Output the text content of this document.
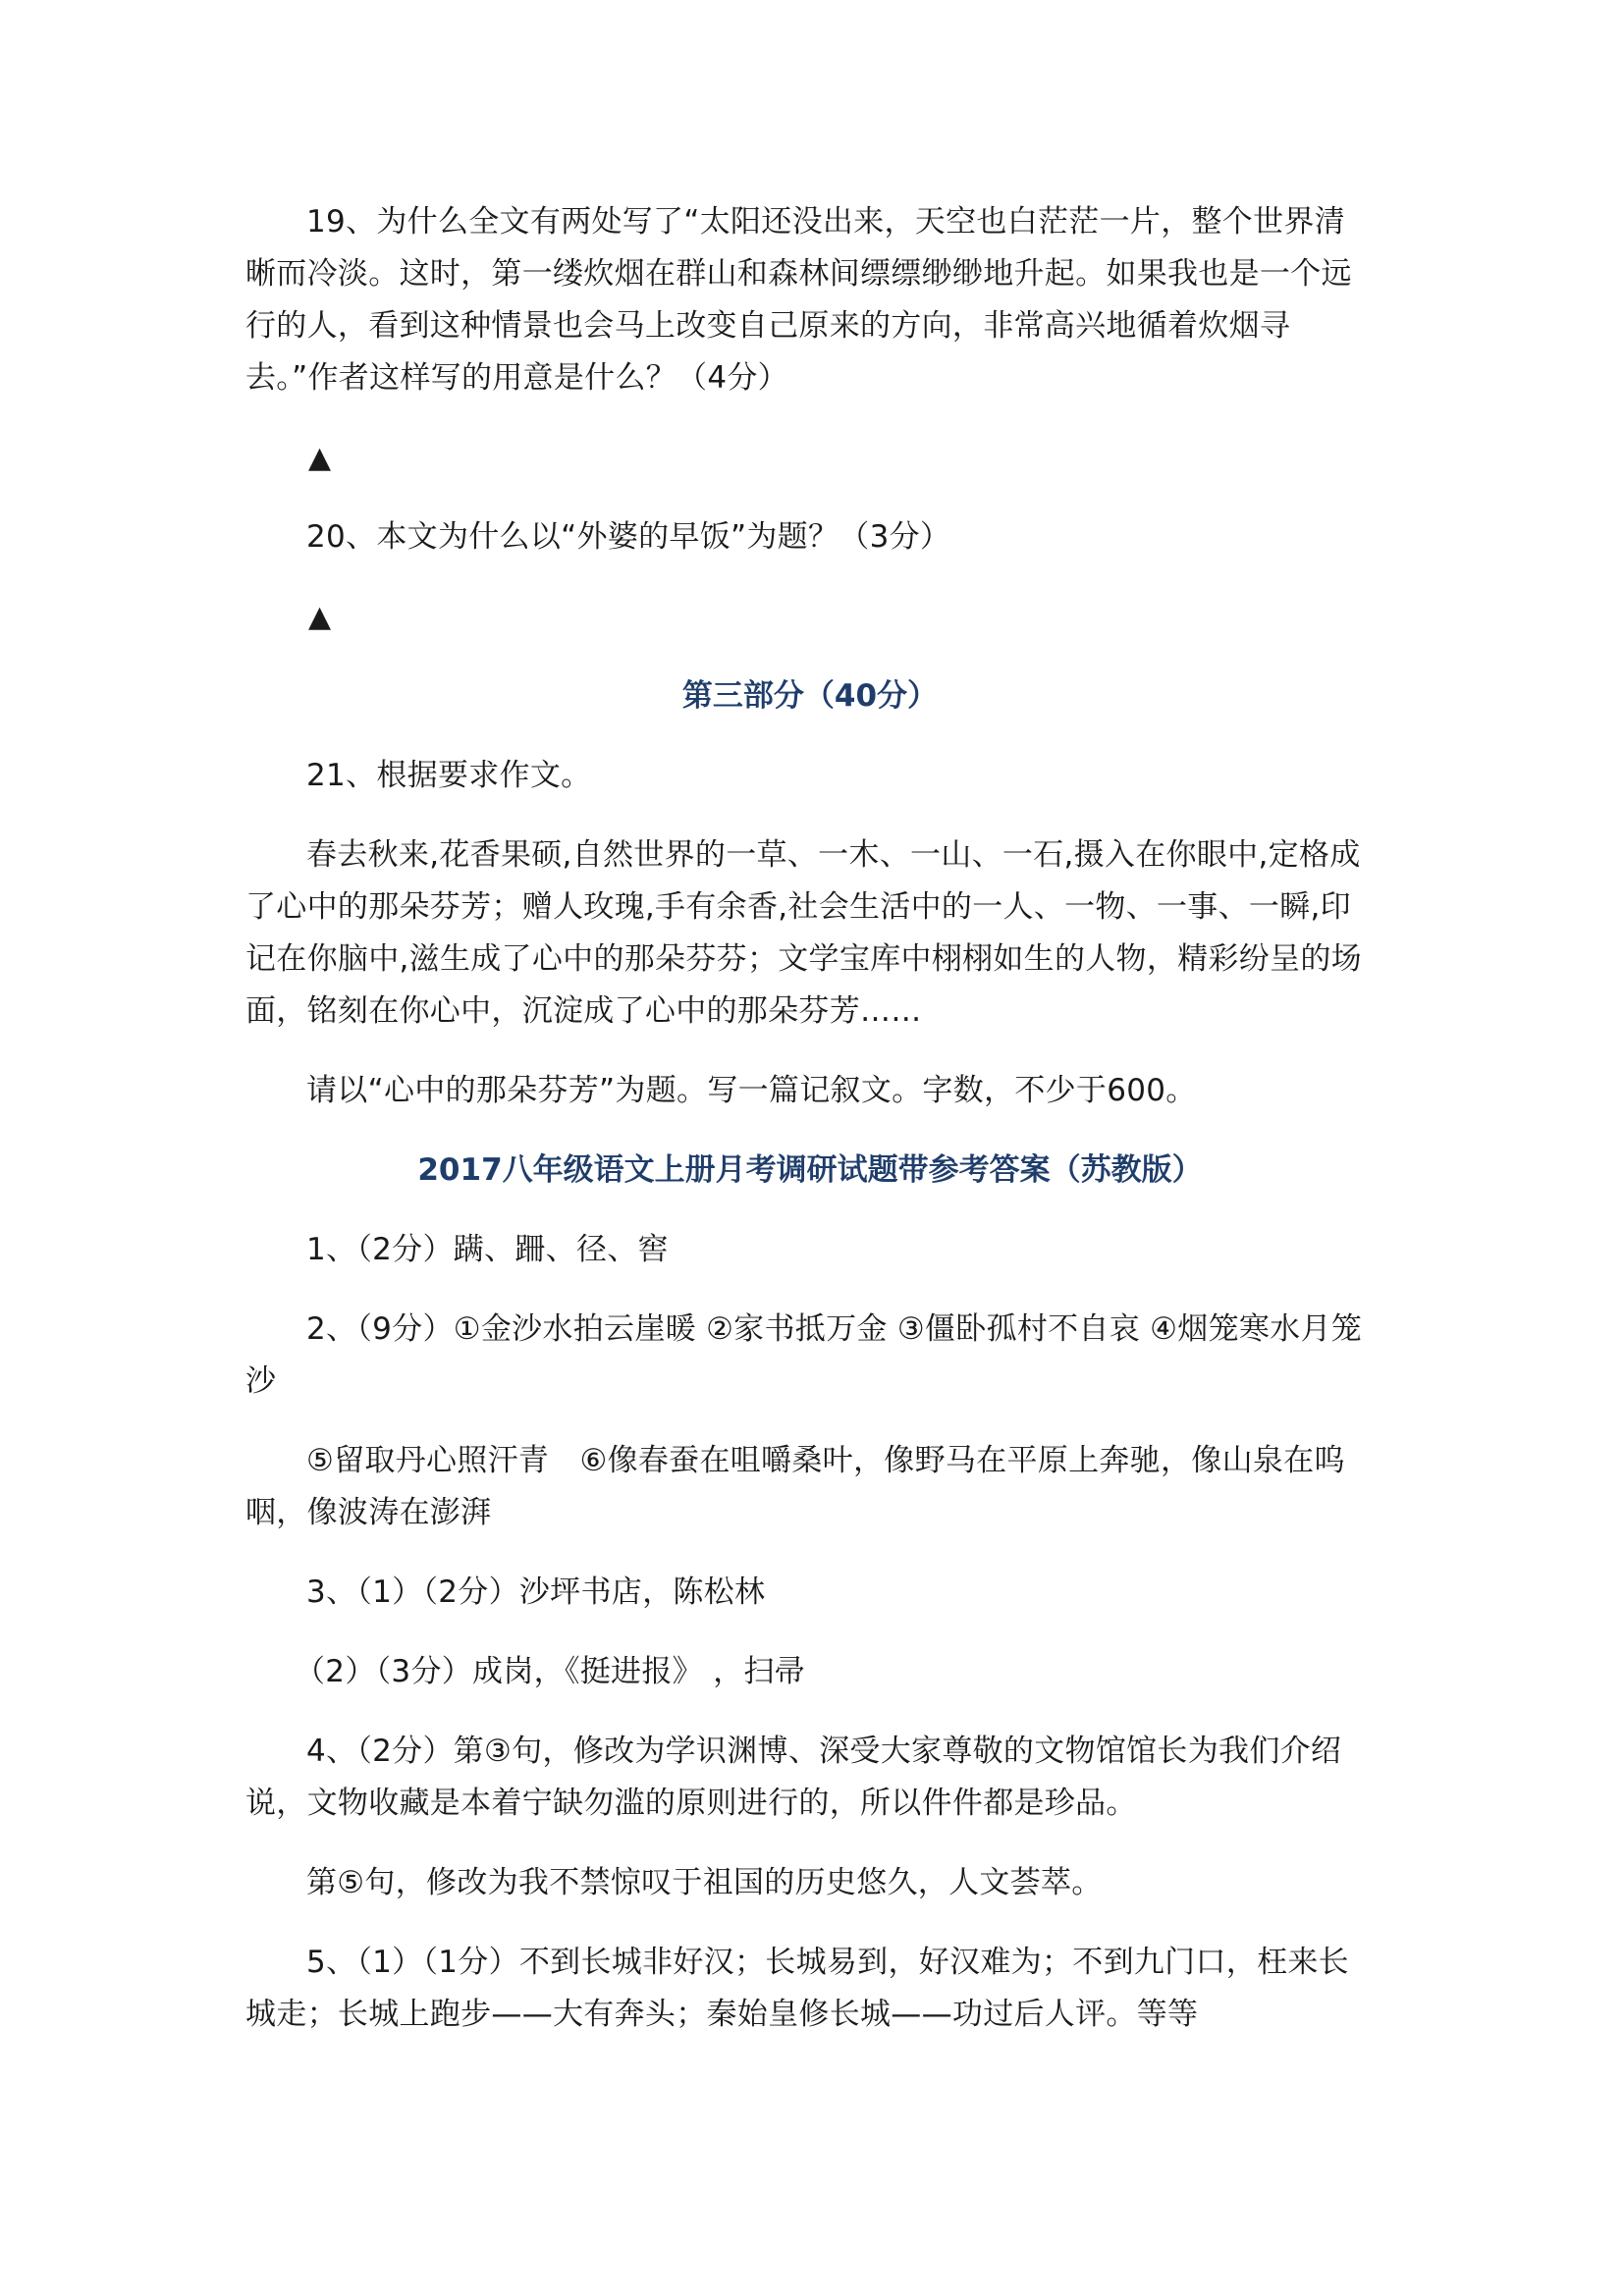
19、为什么全文有两处写了“太阳还没出来，天空也白茫茫一片，整个世界清晰而冷淡。这时，第一缕炊烟在群山和森林间缥缥缈缈地升起。如果我也是一个远行的人，看到这种情景也会马上改变自己原来的方向，非常高兴地循着炊烟寻去。”作者这样写的用意是什么？（4分）

▲

20、本文为什么以“外婆的早饭”为题？（3分）

▲

第三部分（40分）

21、根据要求作文。

春去秋来,花香果硕,自然世界的一草、一木、一山、一石,摄入在你眼中,定格成了心中的那朵芬芳；赠人玫瑰,手有余香,社会生活中的一人、一物、一事、一瞬,印记在你脑中,滋生成了心中的那朵芬芬；文学宝库中栩栩如生的人物，精彩纷呈的场面，铭刻在你心中，沉淀成了心中的那朵芬芳……

请以“心中的那朵芬芳”为题。写一篇记叙文。字数，不少于600。

2017八年级语文上册月考调研试题带参考答案（苏教版）

1、（2分）蹒、跚、径、窖

2、（9分）①金沙水拍云崖暖 ②家书抵万金 ③僵卧孤村不自哀 ④烟笼寒水月笼沙

⑤留取丹心照汗青　⑥像春蚕在咀嚼桑叶，像野马在平原上奔驰，像山泉在呜咽，像波涛在澎湃

3、（1）（2分）沙坪书店，陈松林

（2）（3分）成岗，《挺进报》 ，扫帚

4、（2分）第③句，修改为学识渊博、深受大家尊敬的文物馆馆长为我们介绍说，文物收藏是本着宁缺勿滥的原则进行的，所以件件都是珍品。

第⑤句，修改为我不禁惊叹于祖国的历史悠久，人文荟萃。

5、（1）（1分）不到长城非好汉；长城易到，好汉难为；不到九门口，枉来长城走；长城上跑步——大有奔头；秦始皇修长城——功过后人评。等等
